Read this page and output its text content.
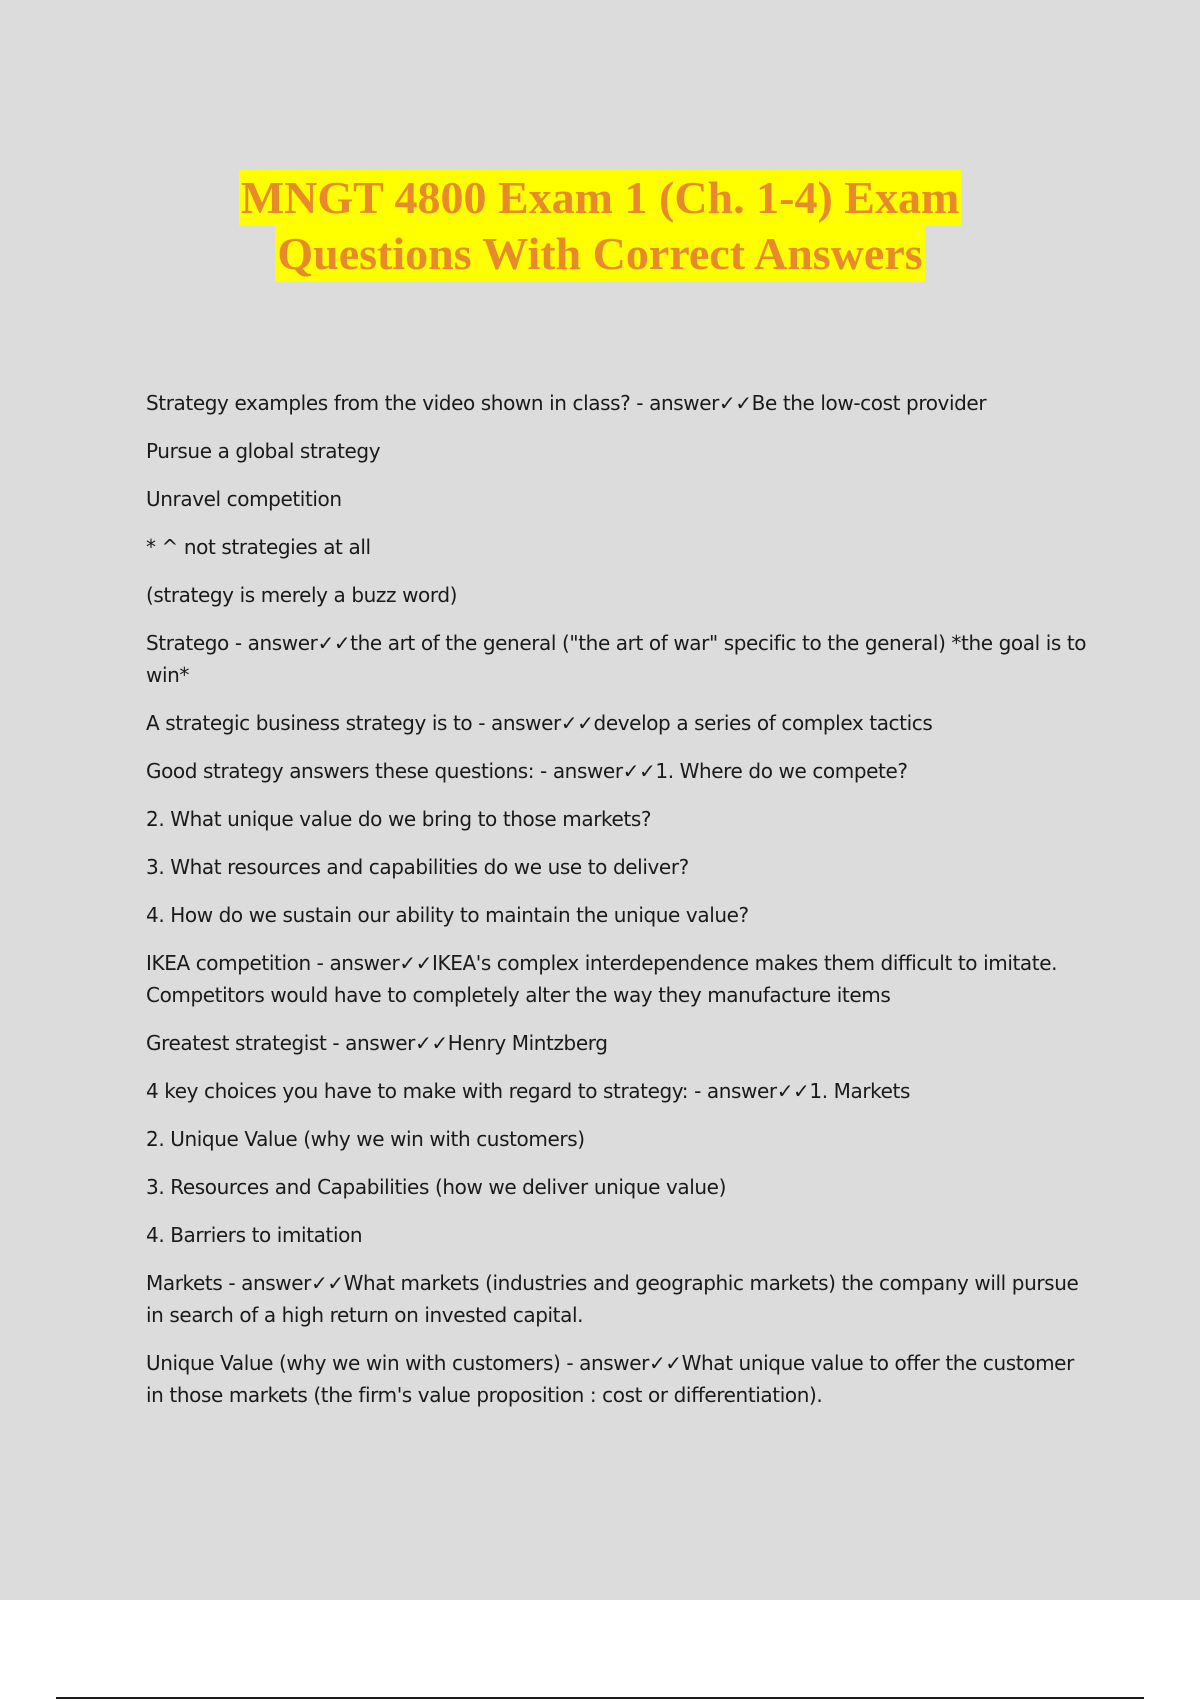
MNGT 4800 Exam 1 (Ch. 1-4) Exam
Questions With Correct Answers

Strategy examples from the video shown in class? - answer✓✓Be the low-cost provider

Pursue a global strategy

Unravel competition

* ^ not strategies at all

(strategy is merely a buzz word)

Stratego - answer✓✓the art of the general ("the art of war" specific to the general) *the goal is to win*

A strategic business strategy is to - answer✓✓develop a series of complex tactics

Good strategy answers these questions: - answer✓✓1. Where do we compete?

2. What unique value do we bring to those markets?

3. What resources and capabilities do we use to deliver?

4. How do we sustain our ability to maintain the unique value?

IKEA competition - answer✓✓IKEA's complex interdependence makes them difficult to imitate. Competitors would have to completely alter the way they manufacture items

Greatest strategist - answer✓✓Henry Mintzberg

4 key choices you have to make with regard to strategy: - answer✓✓1. Markets

2. Unique Value (why we win with customers)

3. Resources and Capabilities (how we deliver unique value)

4. Barriers to imitation

Markets - answer✓✓What markets (industries and geographic markets) the company will pursue in search of a high return on invested capital.

Unique Value (why we win with customers) - answer✓✓What unique value to offer the customer in those markets (the firm's value proposition : cost or differentiation).
